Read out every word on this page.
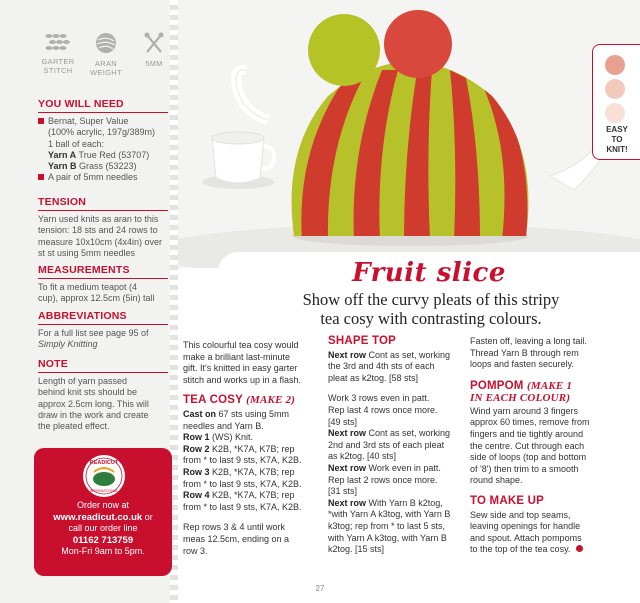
GARTER
STITCH
ARAN
WEIGHT
5MM
YOU WILL NEED
Bernat, Super Value
(100% acrylic, 197g/389m)
1 ball of each:
Yarn A True Red (53707)
Yarn B Grass (53223)
A pair of 5mm needles
TENSION
Yarn used knits as aran to this
tension: 18 sts and 24 rows to
measure 10x10cm (4x4in) over
st st using 5mm needles
MEASUREMENTS
To fit a medium teapot (4
cup), approx 12.5cm (5in) tall
ABBREVIATIONS
For a full list see page 95 of
Simply Knitting
NOTE
Length of yarn passed
behind knit sts should be
approx 2.5cm long. This will
draw in the work and create
the pleated effect.
READICUT
INTERNATIONAL
Order now at
www.readicut.co.uk or
call our order line
01162 713759
Mon-Fri 9am to 5pm.
EASY
TO
KNIT!
Fruit slice
Show off the curvy pleats of this stripy
tea cosy with contrasting colours.

This colourful tea cosy would
make a brilliant last-minute
gift. It's knitted in easy garter
stitch and works up in a flash.

TEA COSY (MAKE 2)

Cast on 67 sts using 5mm
needles and Yarn B.
Row 1 (WS) Knit.
Row 2 K2B, *K7A, K7B; rep
from * to last 9 sts, K7A, K2B.
Row 3 K2B, *K7A, K7B; rep
from * to last 9 sts, K7A, K2B.
Row 4 K2B, *K7A, K7B; rep
from * to last 9 sts, K7A, K2B.

Rep rows 3 & 4 until work
meas 12.5cm, ending on a
row 3.

SHAPE TOP

Next row Cont as set, working
the 3rd and 4th sts of each
pleat as k2tog. [58 sts]

Work 3 rows even in patt.
Rep last 4 rows once more.
[49 sts]

Next row Cont as set, working
2nd and 3rd sts of each pleat
as k2tog. [40 sts]

Next row Work even in patt.
Rep last 2 rows once more.
[31 sts]

Next row With Yarn B k2tog,
*with Yarn A k3tog, with Yarn B
k3tog; rep from * to last 5 sts,
with Yarn A k3tog, with Yarn B
k2tog. [15 sts]

Fasten off, leaving a long tail.
Thread Yarn B through rem
loops and fasten securely.

POMPOM (MAKE 1
IN EACH COLOUR)

Wind yarn around 3 fingers
approx 60 times, remove from
fingers and tie tightly around
the centre. Cut through each
side of loops (top and bottom
of '8') then trim to a smooth
round shape.

TO MAKE UP

Sew side and top seams,
leaving openings for handle
and spout. Attach pompoms
to the top of the tea cosy.

27
